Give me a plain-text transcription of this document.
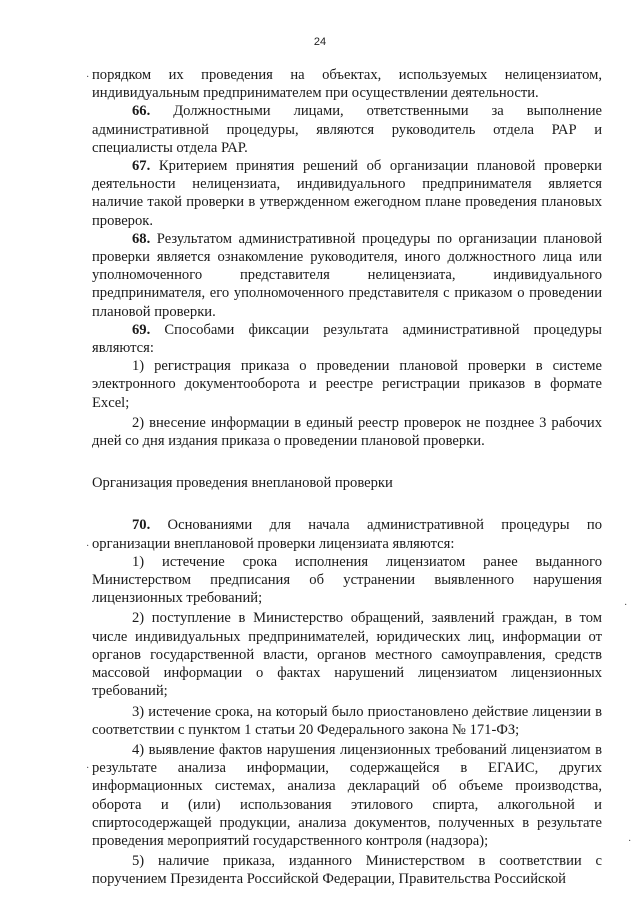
24

порядком их проведения на объектах, используемых нелицензиатом, индивидуальным предпринимателем при осуществлении деятельности.

66. Должностными лицами, ответственными за выполнение административной процедуры, являются руководитель отдела РАР и специалисты отдела РАР.

67. Критерием принятия решений об организации плановой проверки деятельности нелицензиата, индивидуального предпринимателя является наличие такой проверки в утвержденном ежегодном плане проведения плановых проверок.

68. Результатом административной процедуры по организации плановой проверки является ознакомление руководителя, иного должностного лица или уполномоченного представителя нелицензиата, индивидуального предпринимателя, его уполномоченного представителя с приказом о проведении плановой проверки.

69. Способами фиксации результата административной процедуры являются:

1) регистрация приказа о проведении плановой проверки в системе электронного документооборота и реестре регистрации приказов в формате Excel;

2) внесение информации в единый реестр проверок не позднее 3 рабочих дней со дня издания приказа о проведении плановой проверки.

Организация проведения внеплановой проверки

70. Основаниями для начала административной процедуры по организации внеплановой проверки лицензиата являются:

1) истечение срока исполнения лицензиатом ранее выданного Министерством предписания об устранении выявленного нарушения лицензионных требований;

2) поступление в Министерство обращений, заявлений граждан, в том числе индивидуальных предпринимателей, юридических лиц, информации от органов государственной власти, органов местного самоуправления, средств массовой информации о фактах нарушений лицензиатом лицензионных требований;

3) истечение срока, на который было приостановлено действие лицензии в соответствии с пунктом 1 статьи 20 Федерального закона № 171-ФЗ;

4) выявление фактов нарушения лицензионных требований лицензиатом в результате анализа информации, содержащейся в ЕГАИС, других информационных системах, анализа деклараций об объеме производства, оборота и (или) использования этилового спирта, алкогольной и спиртосодержащей продукции, анализа документов, полученных в результате проведения мероприятий государственного контроля (надзора);

5) наличие приказа, изданного Министерством в соответствии с поручением Президента Российской Федерации, Правительства Российской

·
·
·
·
·
